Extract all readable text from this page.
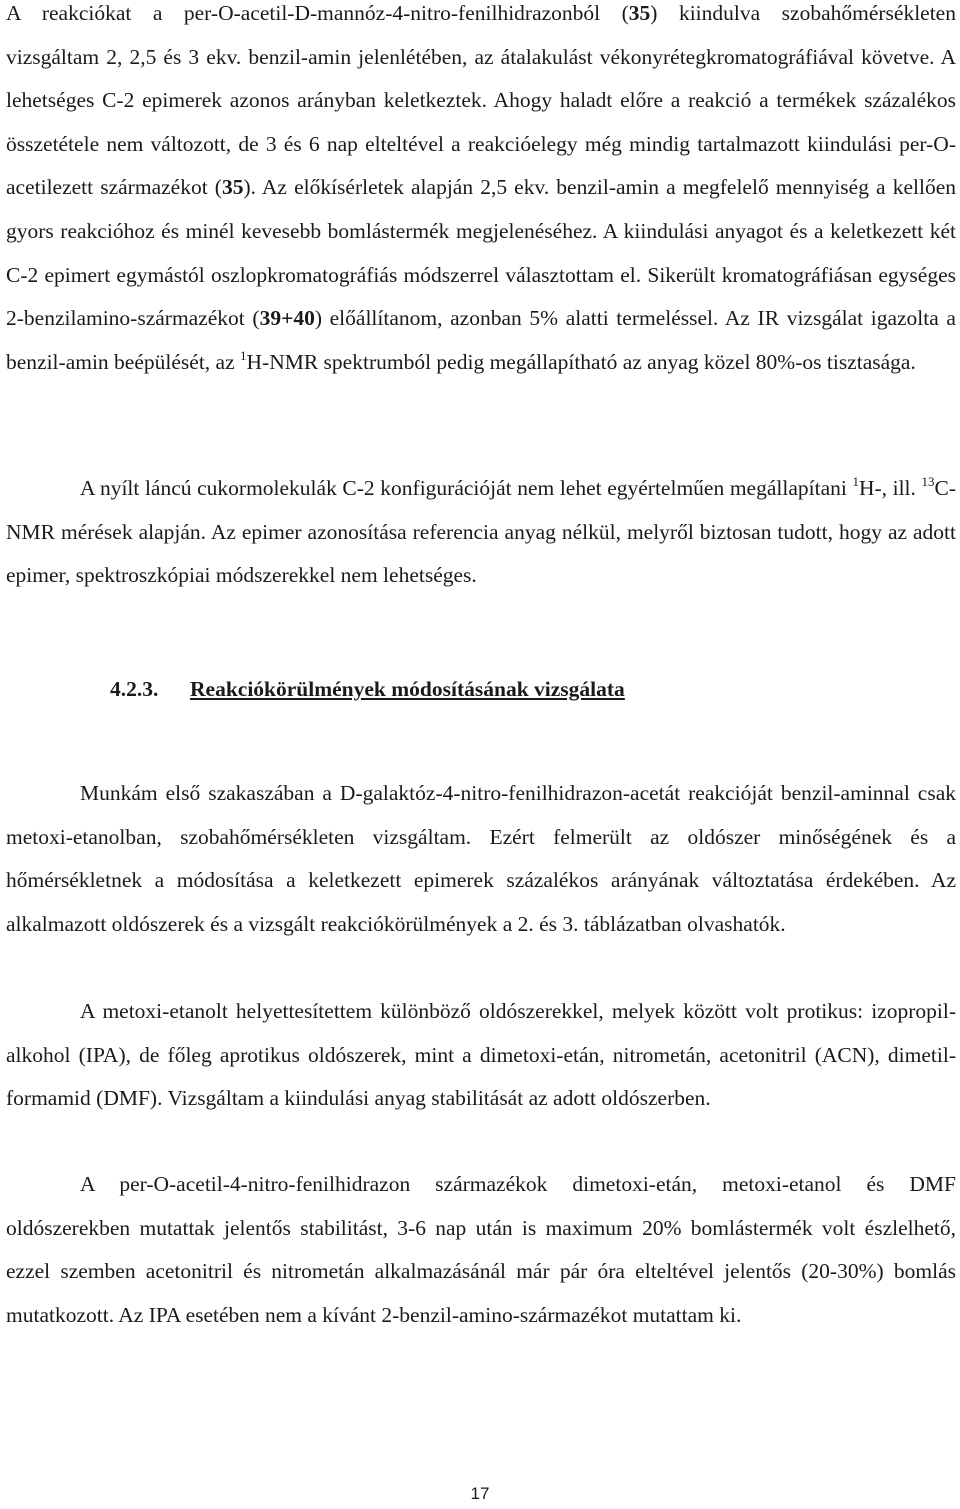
A reakciókat a per-O-acetil-D-mannóz-4-nitro-fenilhidrazonból (35) kiindulva szobahőmérsékleten vizsgáltam 2, 2,5 és 3 ekv. benzil-amin jelenlétében, az átalakulást vékonyrétegkromatográfiával követve. A lehetséges C-2 epimerek azonos arányban keletkeztek. Ahogy haladt előre a reakció a termékek százalékos összetétele nem változott, de 3 és 6 nap elteltével a reakcióelegy még mindig tartalmazott kiindulási per-O-acetilezett származékot (35). Az előkísérletek alapján 2,5 ekv. benzil-amin a megfelelő mennyiség a kellően gyors reakcióhoz és minél kevesebb bomlástermék megjelenéséhez. A kiindulási anyagot és a keletkezett két C-2 epimert egymástól oszlopkromatográfiás módszerrel választottam el. Sikerült kromatográfiásan egységes 2-benzilamino-származékot (39+40) előállítanom, azonban 5% alatti termeléssel. Az IR vizsgálat igazolta a benzil-amin beépülését, az $^1$H-NMR spektrumból pedig megállapítható az anyag közel 80%-os tisztasága.

A nyílt láncú cukormolekulák C-2 konfigurációját nem lehet egyértelműen megállapítani $^1$H-, ill. $^{13}$C-NMR mérések alapján. Az epimer azonosítása referencia anyag nélkül, melyről biztosan tudott, hogy az adott epimer, spektroszkópiai módszerekkel nem lehetséges.

4.2.3. Reakciókörülmények módosításának vizsgálata

Munkám első szakaszában a D-galaktóz-4-nitro-fenilhidrazon-acetát reakcióját benzil-aminnal csak metoxi-etanolban, szobahőmérsékleten vizsgáltam. Ezért felmerült az oldószer minőségének és a hőmérsékletnek a módosítása a keletkezett epimerek százalékos arányának változtatása érdekében. Az alkalmazott oldószerek és a vizsgált reakciókörülmények a 2. és 3. táblázatban olvashatók.

A metoxi-etanolt helyettesítettem különböző oldószerekkel, melyek között volt protikus: izopropil-alkohol (IPA), de főleg aprotikus oldószerek, mint a dimetoxi-etán, nitrometán, acetonitril (ACN), dimetil-formamid (DMF). Vizsgáltam a kiindulási anyag stabilitását az adott oldószerben.

A per-O-acetil-4-nitro-fenilhidrazon származékok dimetoxi-etán, metoxi-etanol és DMF oldószerekben mutattak jelentős stabilitást, 3-6 nap után is maximum 20% bomlástermék volt észlelhető, ezzel szemben acetonitril és nitrometán alkalmazásánál már pár óra elteltével jelentős (20-30%) bomlás mutatkozott. Az IPA esetében nem a kívánt 2-benzil-amino-származékot mutattam ki.

17
